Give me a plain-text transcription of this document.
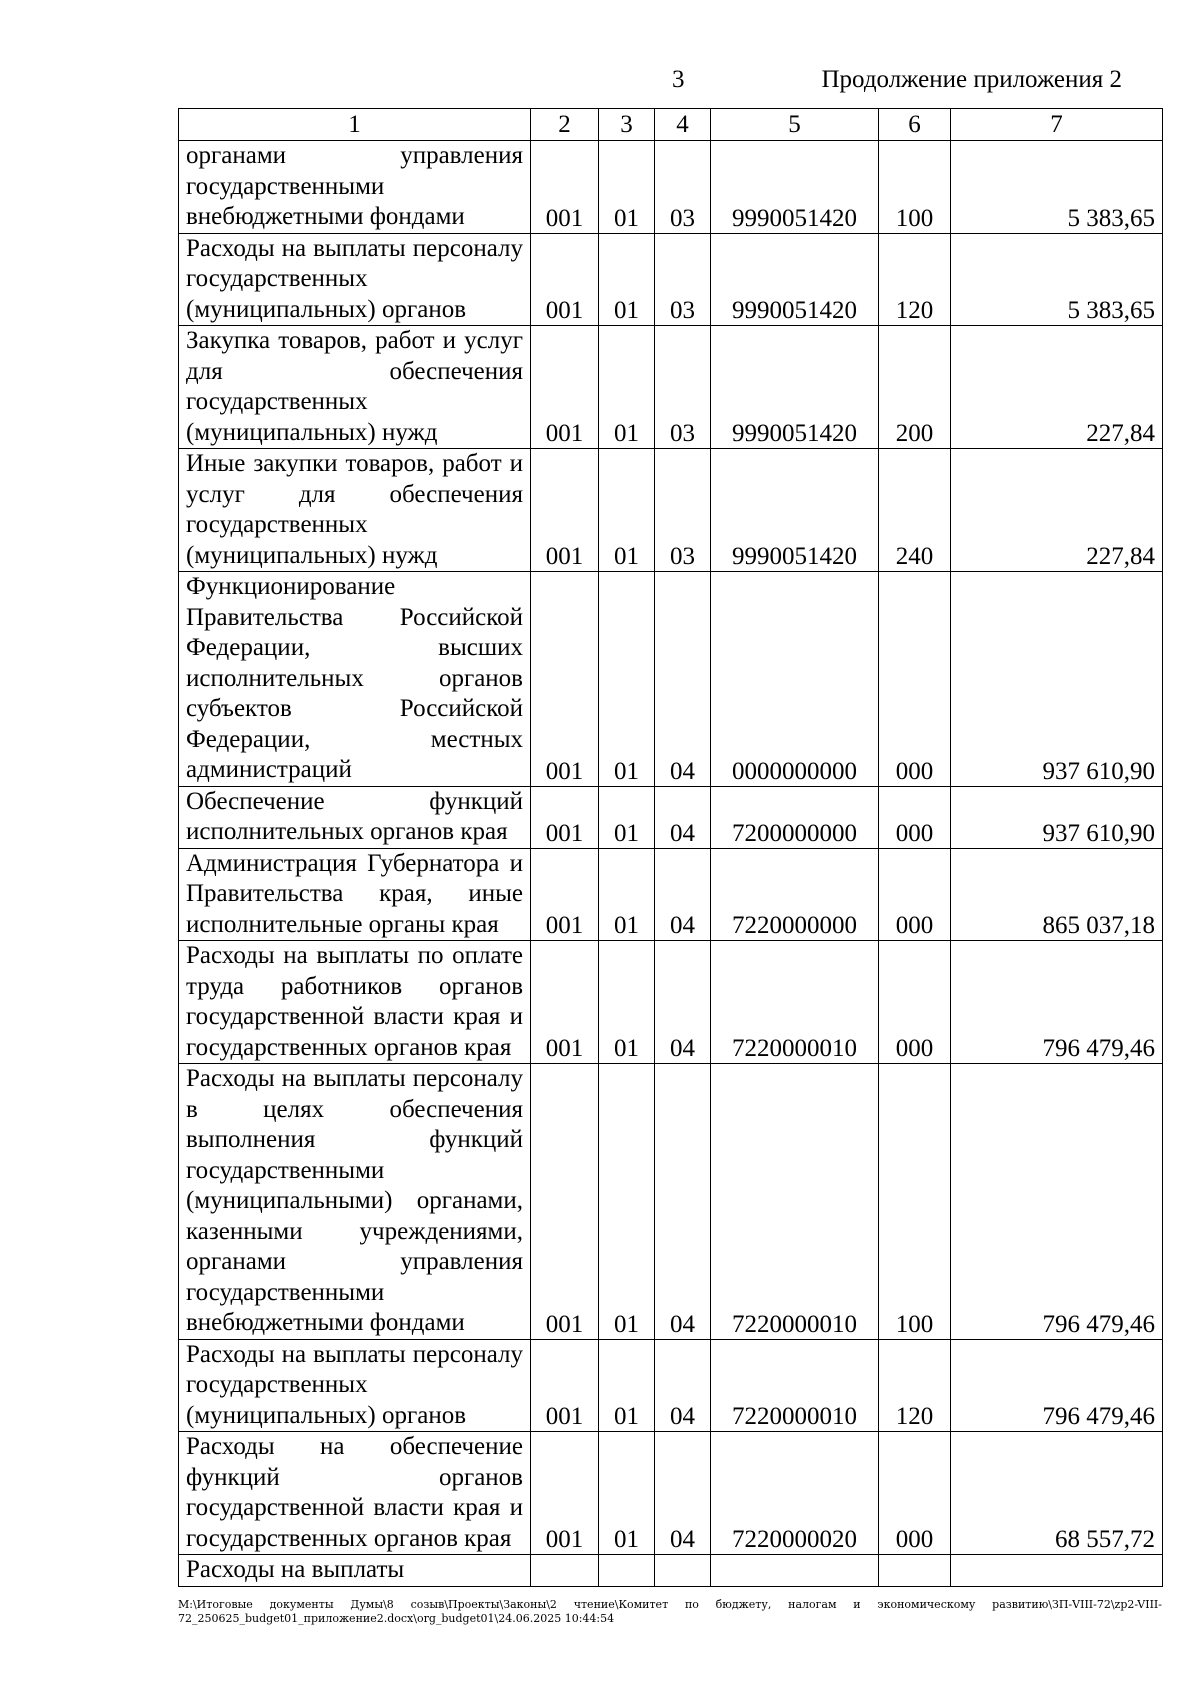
3	Продолжение приложения 2
1	2	3	4	5	6	7
органами управления государственными внебюджетными фондами	001	01	03	9990051420	100	5 383,65
Расходы на выплаты персоналу государственных (муниципальных) органов	001	01	03	9990051420	120	5 383,65
Закупка товаров, работ и услуг для обеспечения государственных (муниципальных) нужд	001	01	03	9990051420	200	227,84
Иные закупки товаров, работ и услуг для обеспечения государственных (муниципальных) нужд	001	01	03	9990051420	240	227,84
Функционирование Правительства Российской Федерации, высших исполнительных органов субъектов Российской Федерации, местных администраций	001	01	04	0000000000	000	937 610,90
Обеспечение функций исполнительных органов края	001	01	04	7200000000	000	937 610,90
Администрация Губернатора и Правительства края, иные исполнительные органы края	001	01	04	7220000000	000	865 037,18
Расходы на выплаты по оплате труда работников органов государственной власти края и государственных органов края	001	01	04	7220000010	000	796 479,46
Расходы на выплаты персоналу в целях обеспечения выполнения функций государственными (муниципальными) органами, казенными учреждениями, органами управления государственными внебюджетными фондами	001	01	04	7220000010	100	796 479,46
Расходы на выплаты персоналу государственных (муниципальных) органов	001	01	04	7220000010	120	796 479,46
Расходы на обеспечение функций органов государственной власти края и государственных органов края	001	01	04	7220000020	000	68 557,72
Расходы на выплаты						
M:\Итоговые документы Думы\8 созыв\Проекты\Законы\2 чтение\Комитет по бюджету, налогам и экономическому развитию\ЗП-VIII-72\zp2-VIII-72_250625_budget01_приложение2.docx\org_budget01\24.06.2025 10:44:54
